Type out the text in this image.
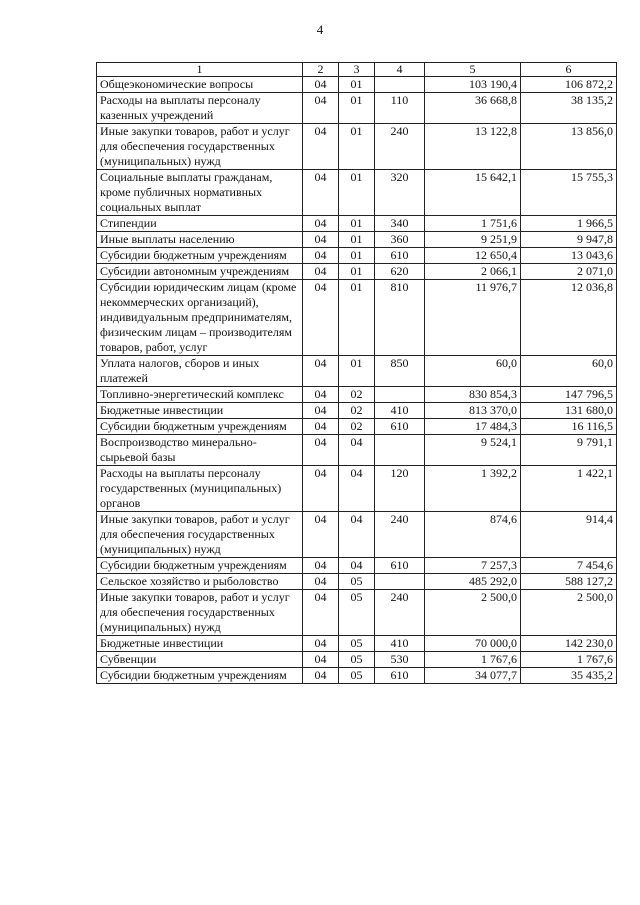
4
1	2	3	4	5	6
Общеэкономические вопросы	04	01		103 190,4	106 872,2
Расходы на выплаты персоналу казенных учреждений	04	01	110	36 668,8	38 135,2
Иные закупки товаров, работ и услуг для обеспечения государственных (муниципальных) нужд	04	01	240	13 122,8	13 856,0
Социальные выплаты гражданам, кроме публичных нормативных социальных выплат	04	01	320	15 642,1	15 755,3
Стипендии	04	01	340	1 751,6	1 966,5
Иные выплаты населению	04	01	360	9 251,9	9 947,8
Субсидии бюджетным учреждениям	04	01	610	12 650,4	13 043,6
Субсидии автономным учреждениям	04	01	620	2 066,1	2 071,0
Субсидии юридическим лицам (кроме некоммерческих организаций), индивидуальным предпринимателям, физическим лицам – производителям товаров, работ, услуг	04	01	810	11 976,7	12 036,8
Уплата налогов, сборов и иных платежей	04	01	850	60,0	60,0
Топливно-энергетический комплекс	04	02		830 854,3	147 796,5
Бюджетные инвестиции	04	02	410	813 370,0	131 680,0
Субсидии бюджетным учреждениям	04	02	610	17 484,3	16 116,5
Воспроизводство минерально-сырьевой базы	04	04		9 524,1	9 791,1
Расходы на выплаты персоналу государственных (муниципальных) органов	04	04	120	1 392,2	1 422,1
Иные закупки товаров, работ и услуг для обеспечения государственных (муниципальных) нужд	04	04	240	874,6	914,4
Субсидии бюджетным учреждениям	04	04	610	7 257,3	7 454,6
Сельское хозяйство и рыболовство	04	05		485 292,0	588 127,2
Иные закупки товаров, работ и услуг для обеспечения государственных (муниципальных) нужд	04	05	240	2 500,0	2 500,0
Бюджетные инвестиции	04	05	410	70 000,0	142 230,0
Субвенции	04	05	530	1 767,6	1 767,6
Субсидии бюджетным учреждениям	04	05	610	34 077,7	35 435,2
